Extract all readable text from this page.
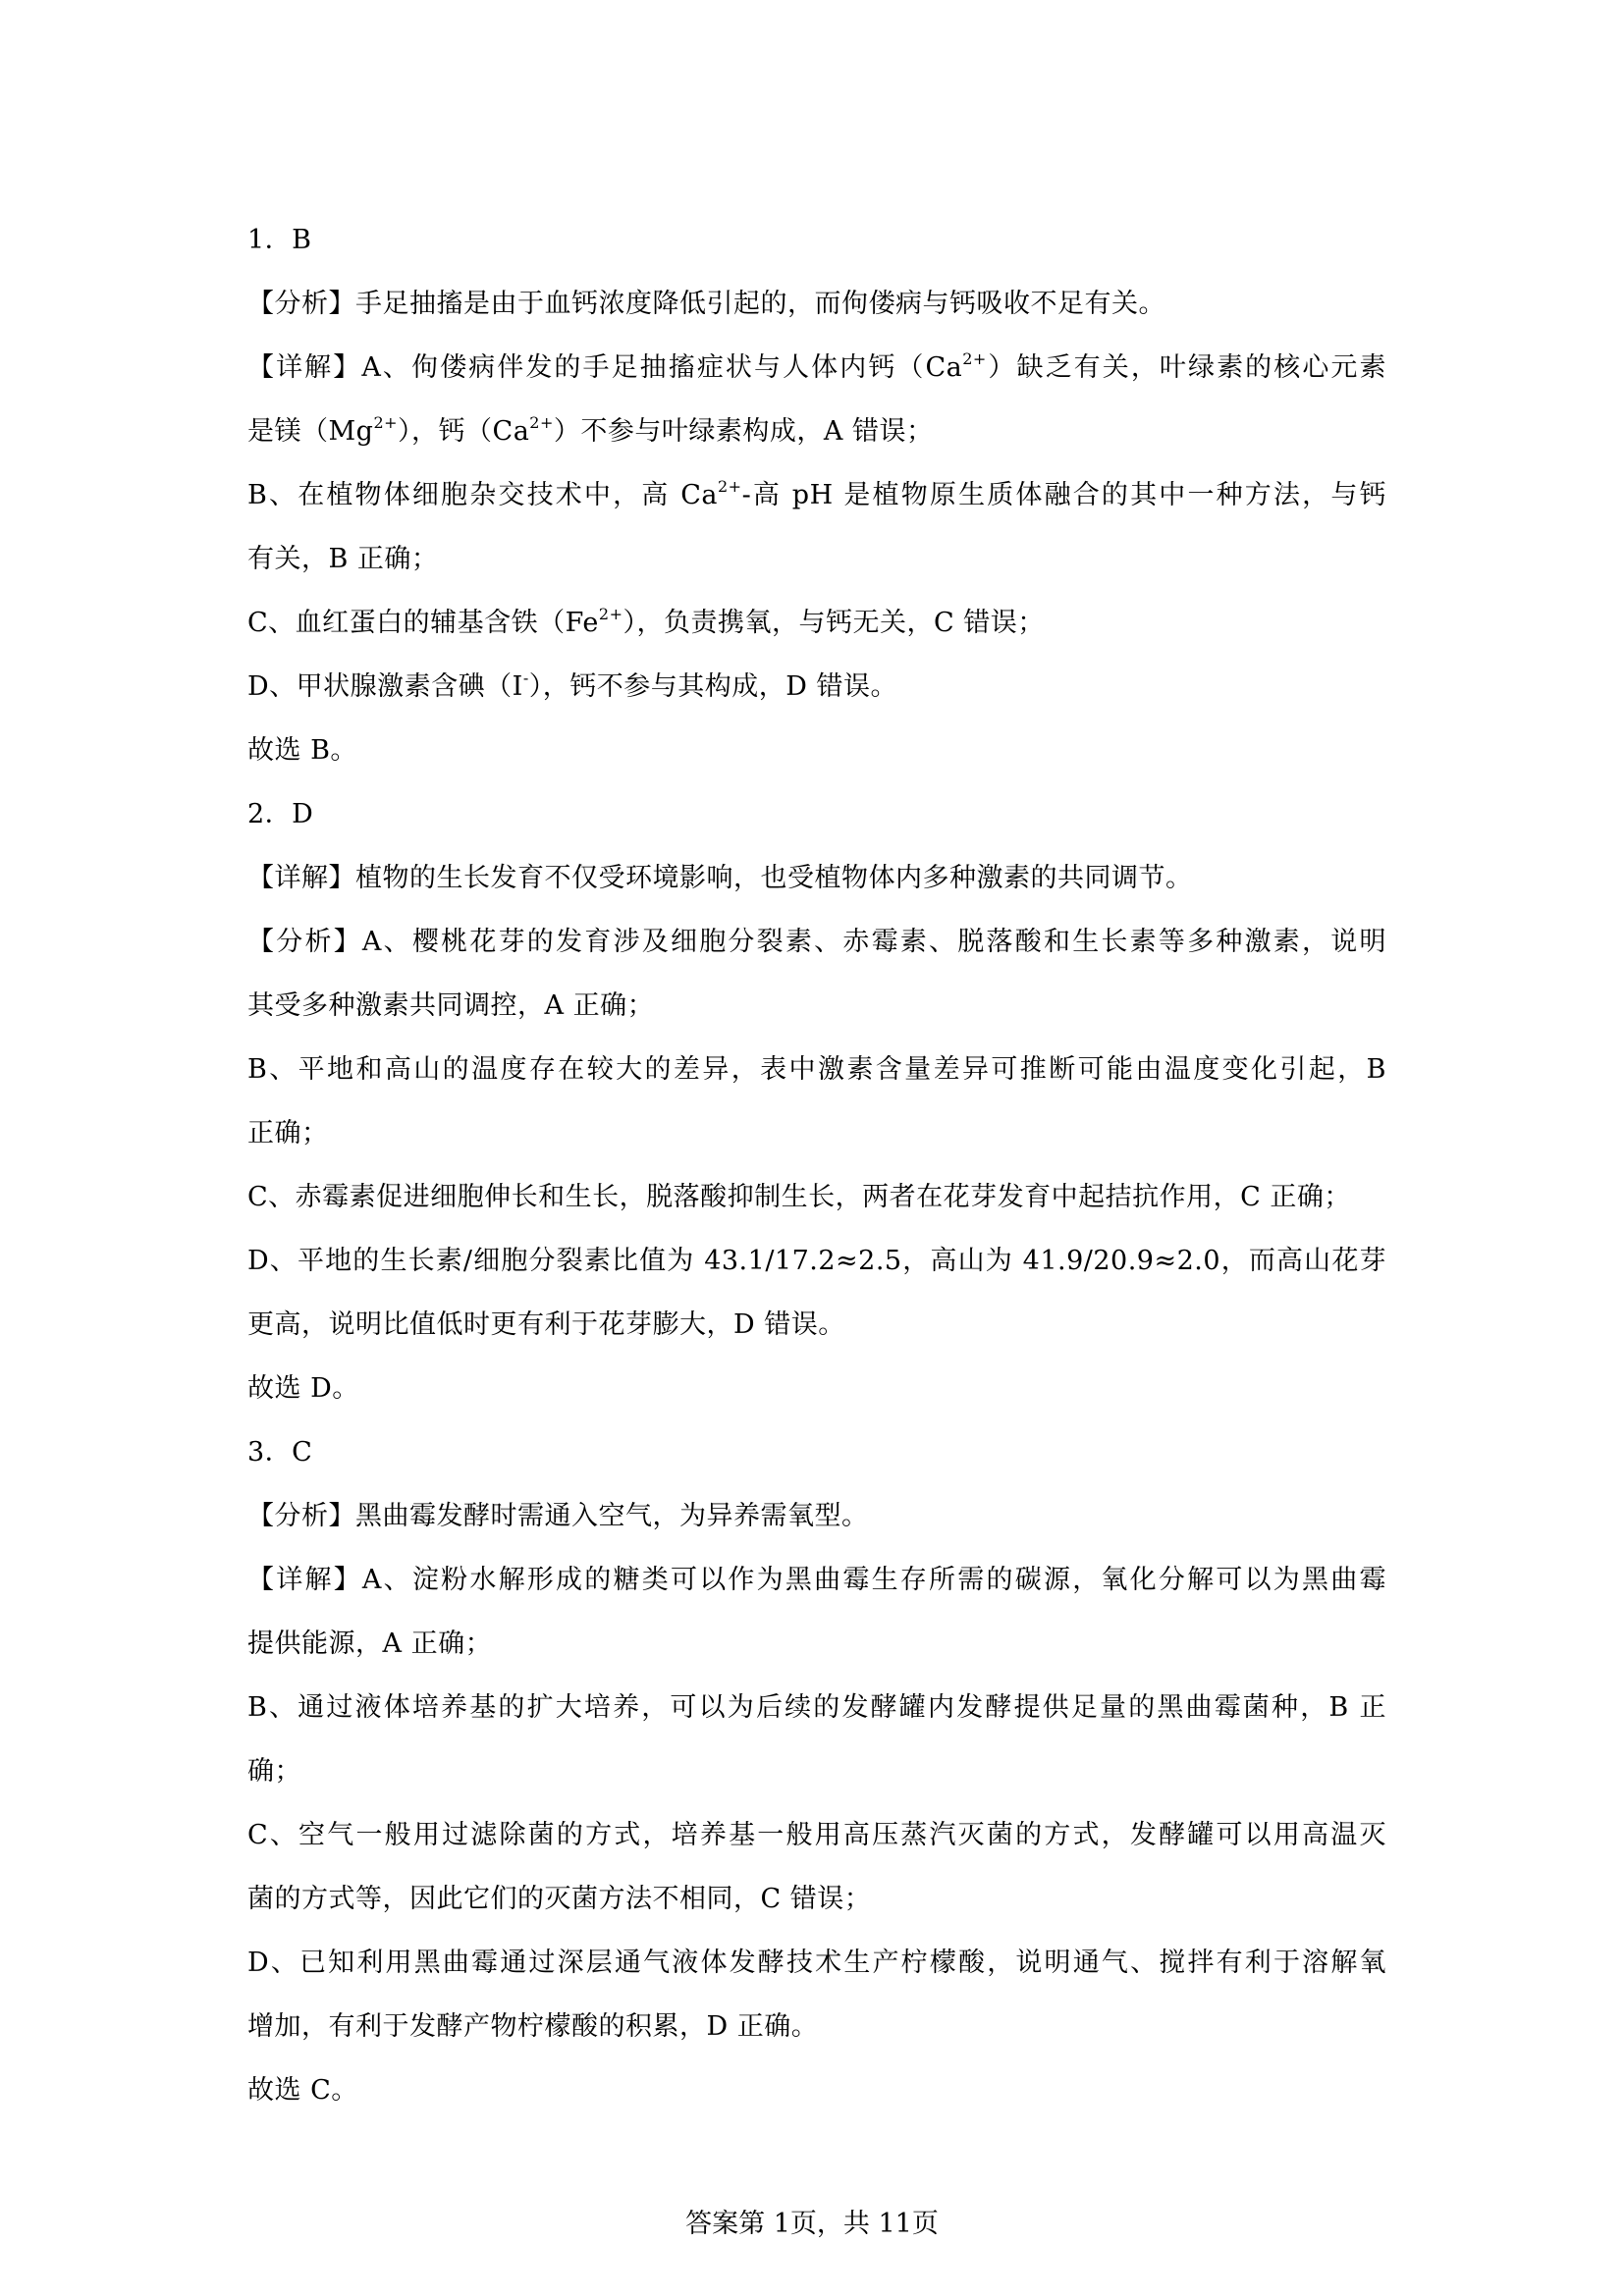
1．B
【分析】手足抽搐是由于血钙浓度降低引起的，而佝偻病与钙吸收不足有关。
【详解】A、佝偻病伴发的手足抽搐症状与人体内钙$(Ca^{2+})$缺乏有关，叶绿素的核心元素
是镁$(Mg^{2+})$，钙$(Ca^{2+})$不参与叶绿素构成，A 错误；
B、在植物体细胞杂交技术中，高 $Ca^{2+}-$高 pH 是植物原生质体融合的其中一种方法，与钙
有关，B 正确；
C、血红蛋白的辅基含铁$(Fe^{2+})$，负责携氧，与钙无关，C 错误；
D、甲状腺激素含碘（I-），钙不参与其构成，D 错误。
故选 B。
2．D
【详解】植物的生长发育不仅受环境影响，也受植物体内多种激素的共同调节。
【分析】A、樱桃花芽的发育涉及细胞分裂素、赤霉素、脱落酸和生长素等多种激素，说明
其受多种激素共同调控，A 正确；
B、平地和高山的温度存在较大的差异，表中激素含量差异可推断可能由温度变化引起，B
正确；
C、赤霉素促进细胞伸长和生长，脱落酸抑制生长，两者在花芽发育中起拮抗作用，C 正确；
D、平地的生长素/细胞分裂素比值为 43.1/17.2≈2.5，高山为 41.9/20.9≈2.0，而高山花芽
更高，说明比值低时更有利于花芽膨大，D 错误。
故选 D。
3．C
【分析】黑曲霉发酵时需通入空气，为异养需氧型。
【详解】A、淀粉水解形成的糖类可以作为黑曲霉生存所需的碳源，氧化分解可以为黑曲霉
提供能源，A 正确；
B、通过液体培养基的扩大培养，可以为后续的发酵罐内发酵提供足量的黑曲霉菌种，B 正
确；
C、空气一般用过滤除菌的方式，培养基一般用高压蒸汽灭菌的方式，发酵罐可以用高温灭
菌的方式等，因此它们的灭菌方法不相同，C 错误；
D、已知利用黑曲霉通过深层通气液体发酵技术生产柠檬酸，说明通气、搅拌有利于溶解氧
增加，有利于发酵产物柠檬酸的积累，D 正确。
故选 C。
答案第 1页，共 11页
